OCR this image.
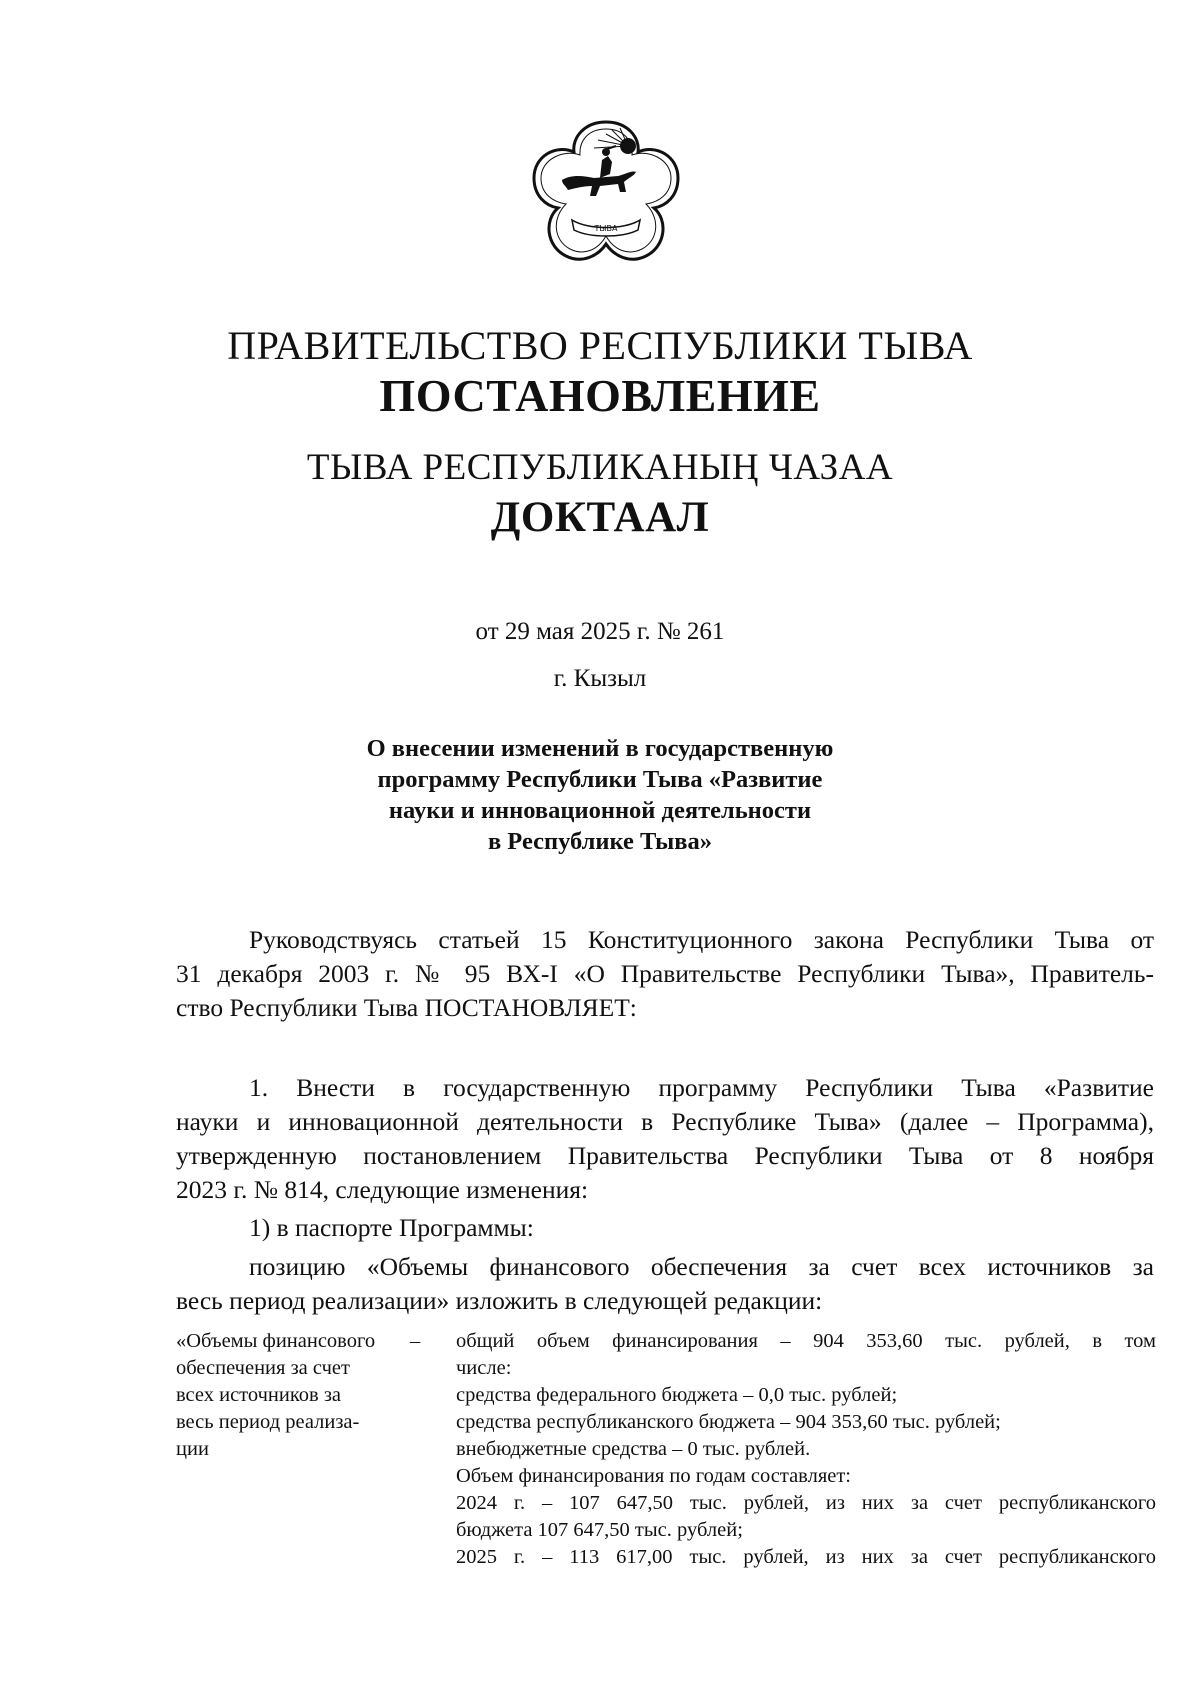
ТЫВА
ПРАВИТЕЛЬСТВО РЕСПУБЛИКИ ТЫВА
ПОСТАНОВЛЕНИЕ
ТЫВА РЕСПУБЛИКАНЫҢ ЧАЗАА
ДОКТААЛ
от 29 мая 2025 г. № 261
г. Кызыл
О внесении изменений в государственную
программу Республики Тыва «Развитие
науки и инновационной деятельности
в Республике Тыва»
Руководствуясь статьей 15 Конституционного закона Республики Тыва от
31 декабря 2003 г. № 95 ВХ-I «О Правительстве Республики Тыва», Правитель-
ство Республики Тыва ПОСТАНОВЛЯЕТ:
1. Внести в государственную программу Республики Тыва «Развитие
науки и инновационной деятельности в Республике Тыва» (далее – Программа),
утвержденную постановлением Правительства Республики Тыва от 8 ноября
2023 г. № 814, следующие изменения:
1) в паспорте Программы:
позицию «Объемы финансового обеспечения за счет всех источников за
весь период реализации» изложить в следующей редакции:
«Объемы финансового
обеспечения за счет
всех источников за
весь период реализа-
ции
– общий объем финансирования – 904 353,60 тыс. рублей, в том
числе:
средства федерального бюджета – 0,0 тыс. рублей;
средства республиканского бюджета – 904 353,60 тыс. рублей;
внебюджетные средства – 0 тыс. рублей.
Объем финансирования по годам составляет:
2024 г. – 107 647,50 тыс. рублей, из них за счет республиканского
бюджета 107 647,50 тыс. рублей;
2025 г. – 113 617,00 тыс. рублей, из них за счет республиканского
